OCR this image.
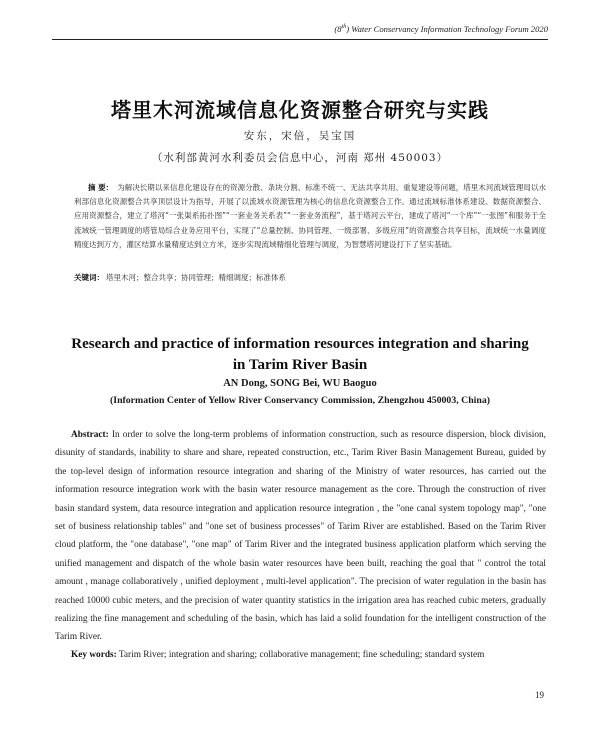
(8th) Water Conservancy Information Technology Forum 2020
塔里木河流域信息化资源整合研究与实践
安东，宋倍，吴宝国
（水利部黄河水利委员会信息中心，河南 郑州 450003）
摘 要： 为解决长期以来信息化建设存在的资源分散、条块分割、标准不统一、无法共享共用、重复建设等问题，塔里木河流域管理局以水利部信息化资源整合共享顶层设计为指导，开展了以流域水资源管理为核心的信息化资源整合工作。通过流域标准体系建设、数据资源整合、应用资源整合，建立了塔河“一张渠系拓扑图”“一套业务关系表”“一套业务流程”，基于塔河云平台，建成了塔河“一个库”“一张图”和服务于全流域统一管理调度的塔管局综合业务应用平台，实现了“总量控制、协同管理、一级部署、多级应用”的资源整合共享目标，流域统一水量调度精度达到万方，灌区结算水量精度达到立方米，逐步实现流域精细化管理与调度，为智慧塔河建设打下了坚实基础。
关键词： 塔里木河；整合共享；协同管理；精细调度；标准体系
Research and practice of information resources integration and sharing in Tarim River Basin
AN Dong, SONG Bei, WU Baoguo
(Information Center of Yellow River Conservancy Commission, Zhengzhou 450003, China)
Abstract: In order to solve the long-term problems of information construction, such as resource dispersion, block division, disunity of standards, inability to share and share, repeated construction, etc., Tarim River Basin Management Bureau, guided by the top-level design of information resource integration and sharing of the Ministry of water resources, has carried out the information resource integration work with the basin water resource management as the core. Through the construction of river basin standard system, data resource integration and application resource integration , the "one canal system topology map", "one set of business relationship tables" and "one set of business processes" of Tarim River are established. Based on the Tarim River cloud platform, the "one database", "one map" of Tarim River and the integrated business application platform which serving the unified management and dispatch of the whole basin water resources have been built, reaching the goal that " control the total amount , manage collaboratively , unified deployment , multi-level application". The precision of water regulation in the basin has reached 10000 cubic meters, and the precision of water quantity statistics in the irrigation area has reached cubic meters, gradually realizing the fine management and scheduling of the basin, which has laid a solid foundation for the intelligent construction of the Tarim River.
Key words: Tarim River; integration and sharing; collaborative management; fine scheduling; standard system
19
